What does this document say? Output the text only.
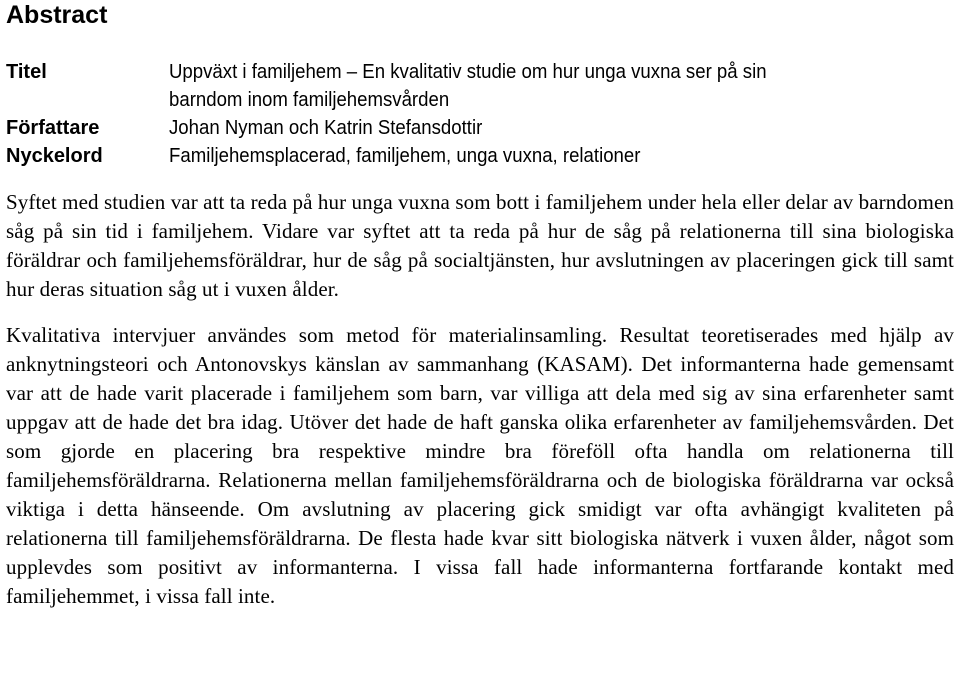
Abstract
Titel	Uppväxt i familjehem – En kvalitativ studie om hur unga vuxna ser på sin
barndom inom familjehemsvården
Författare	Johan Nyman och Katrin Stefansdottir
Nyckelord	Familjehemsplacerad, familjehem, unga vuxna, relationer

Syftet med studien var att ta reda på hur unga vuxna som bott i familjehem under hela eller delar av barndomen såg på sin tid i familjehem. Vidare var syftet att ta reda på hur de såg på relationerna till sina biologiska föräldrar och familjehemsföräldrar, hur de såg på socialtjänsten, hur avslutningen av placeringen gick till samt hur deras situation såg ut i vuxen ålder.

Kvalitativa intervjuer användes som metod för materialinsamling. Resultat teoretiserades med hjälp av anknytningsteori och Antonovskys känslan av sammanhang (KASAM). Det informanterna hade gemensamt var att de hade varit placerade i familjehem som barn, var villiga att dela med sig av sina erfarenheter samt uppgav att de hade det bra idag. Utöver det hade de haft ganska olika erfarenheter av familjehemsvården. Det som gjorde en placering bra respektive mindre bra föreföll ofta handla om relationerna till familjehemsföräldrarna. Relationerna mellan familjehemsföräldrarna och de biologiska föräldrarna var också viktiga i detta hänseende. Om avslutning av placering gick smidigt var ofta avhängigt kvaliteten på relationerna till familjehemsföräldrarna. De flesta hade kvar sitt biologiska nätverk i vuxen ålder, något som upplevdes som positivt av informanterna. I vissa fall hade informanterna fortfarande kontakt med familjehemmet, i vissa fall inte.
